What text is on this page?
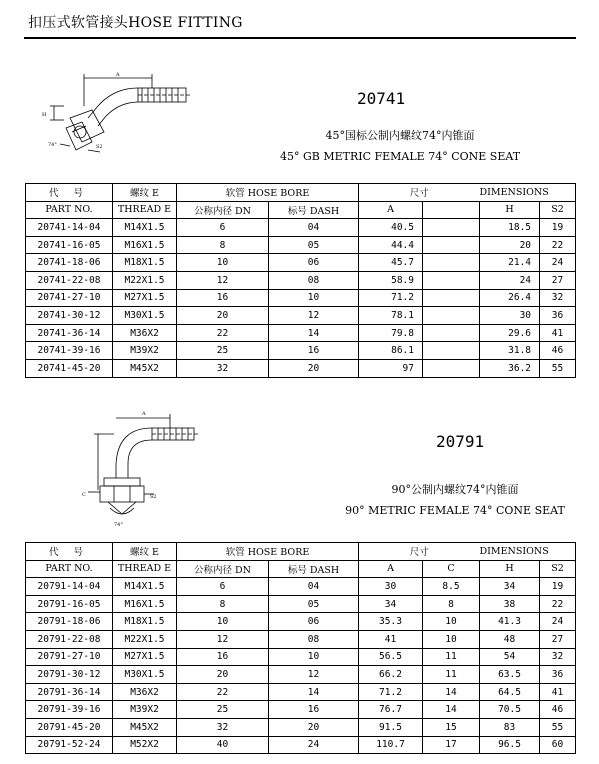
扣压式软管接头HOSE FITTING
A
H
S2
74°
20741
45°国标公制内螺纹74°内锥面
45° GB METRIC FEMALE 74° CONE SEAT
代 号	螺纹 E	软管 HOSE BORE		尺寸		DIMENSIONS	
PART NO.	THREAD E	公称内径 DN	标号 DASH	A		H	S2
20741-14-04	M14X1.5	6	04	40.5		18.5	19
20741-16-05	M16X1.5	8	05	44.4		20	22
20741-18-06	M18X1.5	10	06	45.7		21.4	24
20741-22-08	M22X1.5	12	08	58.9		24	27
20741-27-10	M27X1.5	16	10	71.2		26.4	32
20741-30-12	M30X1.5	20	12	78.1		30	36
20741-36-14	M36X2	22	14	79.8		29.6	41
20741-39-16	M39X2	25	16	86.1		31.8	46
20741-45-20	M45X2	32	20	97		36.2	55
A
C	S2
74°
20791
90°公制内螺纹74°内锥面
90° METRIC FEMALE 74° CONE SEAT
代 号	螺纹 E	软管 HOSE BORE		尺寸		DIMENSIONS	
PART NO.	THREAD E	公称内径 DN	标号 DASH	A	C	H	S2
20791-14-04	M14X1.5	6	04	30	8.5	34	19
20791-16-05	M16X1.5	8	05	34	8	38	22
20791-18-06	M18X1.5	10	06	35.3	10	41.3	24
20791-22-08	M22X1.5	12	08	41	10	48	27
20791-27-10	M27X1.5	16	10	56.5	11	54	32
20791-30-12	M30X1.5	20	12	66.2	11	63.5	36
20791-36-14	M36X2	22	14	71.2	14	64.5	41
20791-39-16	M39X2	25	16	76.7	14	70.5	46
20791-45-20	M45X2	32	20	91.5	15	83	55
20791-52-24	M52X2	40	24	110.7	17	96.5	60
